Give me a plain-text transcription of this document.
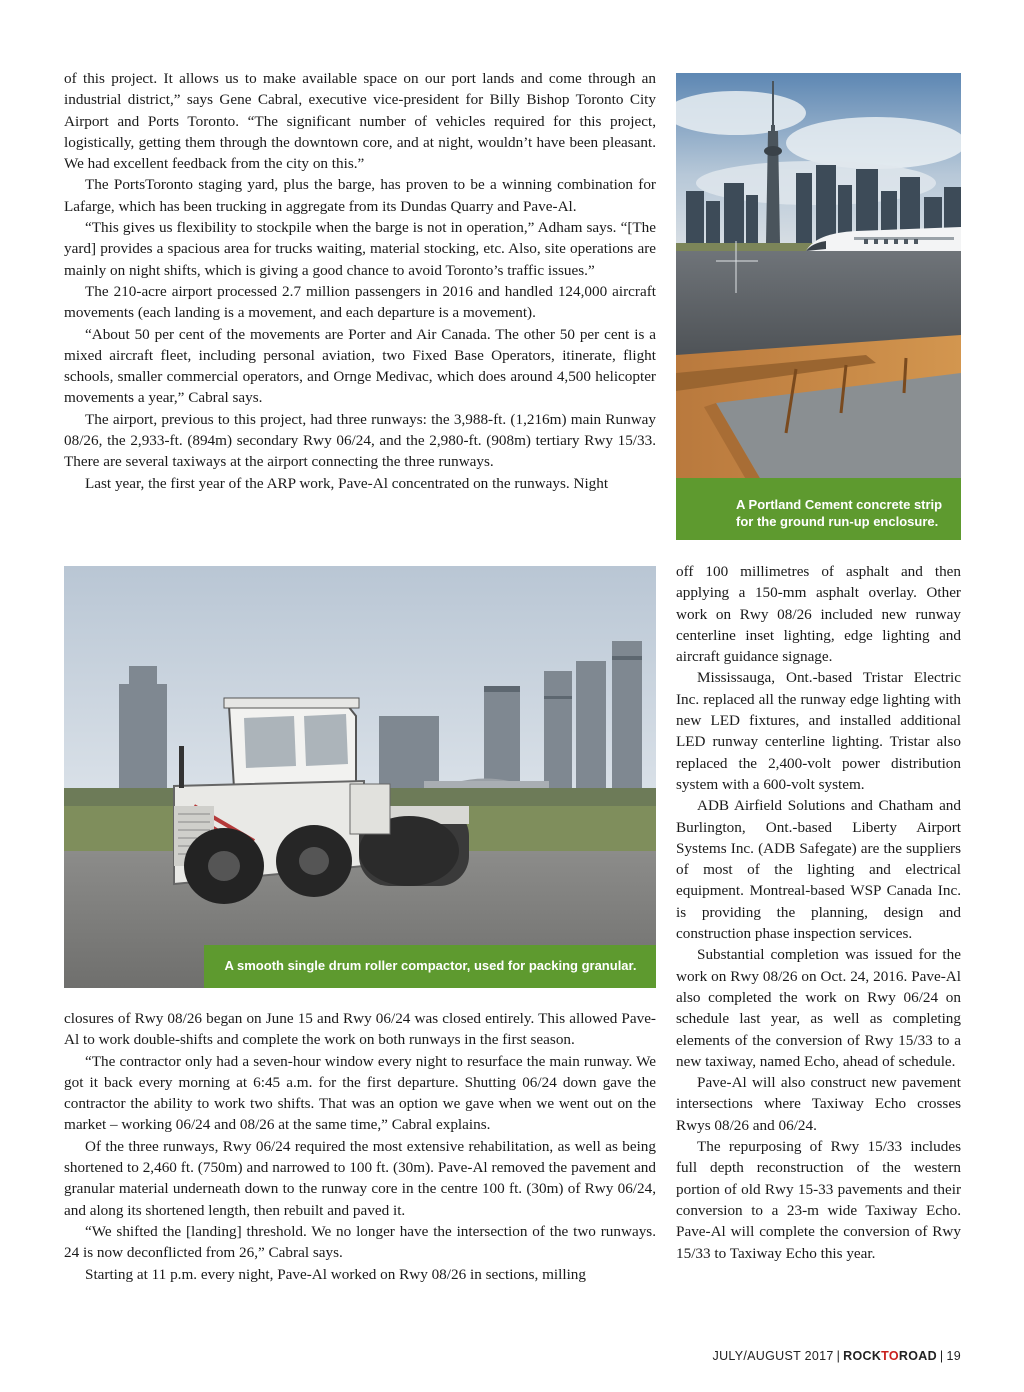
of this project. It allows us to make available space on our port lands and come through an industrial district,” says Gene Cabral, executive vice-president for Billy Bishop Toronto City Airport and Ports Toronto. “The significant number of vehicles required for this project, logistically, getting them through the downtown core, and at night, wouldn’t have been pleasant. We had excellent feedback from the city on this.”

The PortsToronto staging yard, plus the barge, has proven to be a winning combination for Lafarge, which has been trucking in aggregate from its Dundas Quarry and Pave-Al.

“This gives us flexibility to stockpile when the barge is not in operation,” Adham says. “[The yard] provides a spacious area for trucks waiting, material stocking, etc. Also, site operations are mainly on night shifts, which is giving a good chance to avoid Toronto’s traffic issues.”

The 210-acre airport processed 2.7 million passengers in 2016 and handled 124,000 aircraft movements (each landing is a movement, and each departure is a movement).

“About 50 per cent of the movements are Porter and Air Canada. The other 50 per cent is a mixed aircraft fleet, including personal aviation, two Fixed Base Operators, itinerate, flight schools, smaller commercial operators, and Ornge Medivac, which does around 4,500 helicopter movements a year,” Cabral says.

The airport, previous to this project, had three runways: the 3,988-ft. (1,216m) main Runway 08/26, the 2,933-ft. (894m) secondary Rwy 06/24, and the 2,980-ft. (908m) tertiary Rwy 15/33. There are several taxiways at the airport connecting the three runways.

Last year, the first year of the ARP work, Pave-Al concentrated on the runways. Night

A Portland Cement concrete strip for the ground run-up enclosure.
A smooth single drum roller compactor, used for packing granular.

off 100 millimetres of asphalt and then applying a 150-mm asphalt overlay. Other work on Rwy 08/26 included new runway centerline inset lighting, edge lighting and aircraft guidance signage.

Mississauga, Ont.-based Tristar Electric Inc. replaced all the runway edge lighting with new LED fixtures, and installed additional LED runway centerline lighting. Tristar also replaced the 2,400-volt power distribution system with a 600-volt system.

ADB Airfield Solutions and Chatham and Burlington, Ont.-based Liberty Airport Systems Inc. (ADB Safegate) are the suppliers of most of the lighting and electrical equipment. Montreal-based WSP Canada Inc. is providing the planning, design and construction phase inspection services.

Substantial completion was issued for the work on Rwy 08/26 on Oct. 24, 2016. Pave-Al also completed the work on Rwy 06/24 on schedule last year, as well as completing elements of the conversion of Rwy 15/33 to a new taxiway, named Echo, ahead of schedule.

Pave-Al will also construct new pavement intersections where Taxiway Echo crosses Rwys 08/26 and 06/24.

The repurposing of Rwy 15/33 includes full depth reconstruction of the western portion of old Rwy 15-33 pavements and their conversion to a 23-m wide Taxiway Echo. Pave-Al will complete the conversion of Rwy 15/33 to Taxiway Echo this year.

closures of Rwy 08/26 began on June 15 and Rwy 06/24 was closed entirely. This allowed Pave-Al to work double-shifts and complete the work on both runways in the first season.

“The contractor only had a seven-hour window every night to resurface the main runway. We got it back every morning at 6:45 a.m. for the first departure. Shutting 06/24 down gave the contractor the ability to work two shifts. That was an option we gave when we went out on the market – working 06/24 and 08/26 at the same time,” Cabral explains.

Of the three runways, Rwy 06/24 required the most extensive rehabilitation, as well as being shortened to 2,460 ft. (750m) and narrowed to 100 ft. (30m). Pave-Al removed the pavement and granular material underneath down to the runway core in the centre 100 ft. (30m) of Rwy 06/24, and along its shortened length, then rebuilt and paved it.

“We shifted the [landing] threshold. We no longer have the intersection of the two runways. 24 is now deconflicted from 26,” Cabral says.

Starting at 11 p.m. every night, Pave-Al worked on Rwy 08/26 in sections, milling

JULY/AUGUST 2017 | ROCKTOROAD | 19
